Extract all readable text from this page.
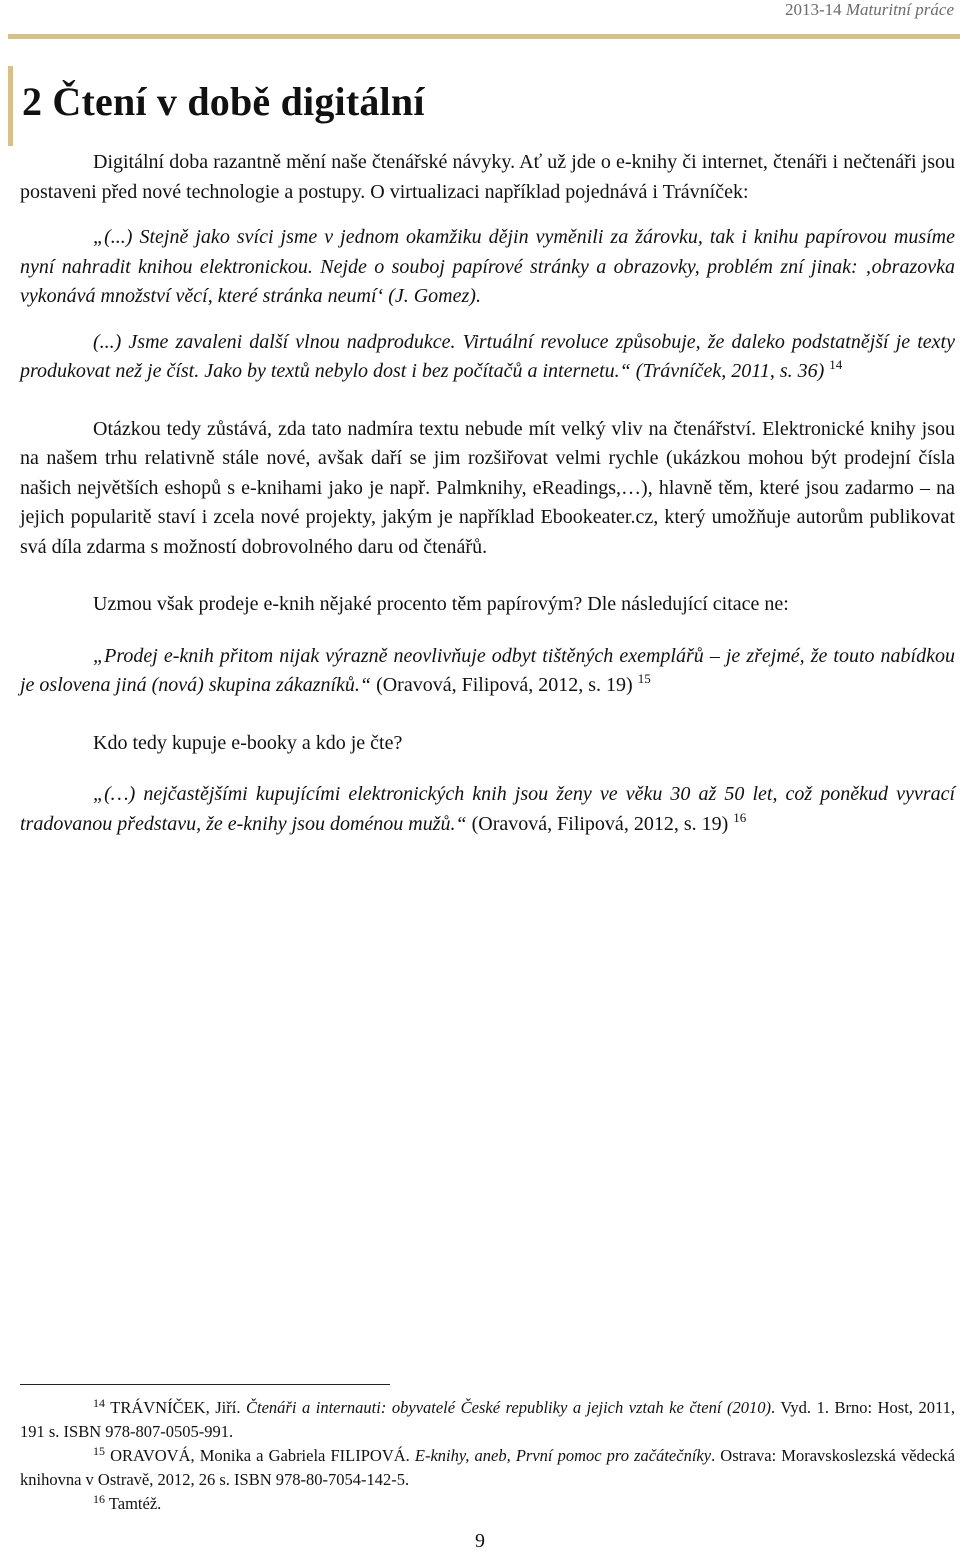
2013-14 Maturitní práce
2 Čtení v době digitální

Digitální doba razantně mění naše čtenářské návyky. Ať už jde o e-knihy či internet, čtenáři i nečtenáři jsou postaveni před nové technologie a postupy. O virtualizaci například pojednává i Trávníček:

„(...) Stejně jako svíci jsme v jednom okamžiku dějin vyměnili za žárovku, tak i knihu papírovou musíme nyní nahradit knihou elektronickou. Nejde o souboj papírové stránky a obrazovky, problém zní jinak: ‚obrazovka vykonává množství věcí, které stránka neumí‘ (J. Gomez).

(...) Jsme zavaleni další vlnou nadprodukce. Virtuální revoluce způsobuje, že daleko podstatnější je texty produkovat než je číst. Jako by textů nebylo dost i bez počítačů a internetu.“ (Trávníček, 2011, s. 36) $^{14}$

Otázkou tedy zůstává, zda tato nadmíra textu nebude mít velký vliv na čtenářství. Elektronické knihy jsou na našem trhu relativně stále nové, avšak daří se jim rozšiřovat velmi rychle (ukázkou mohou být prodejní čísla našich největších eshopů s e-knihami jako je např. Palmknihy, eReadings,…), hlavně těm, které jsou zadarmo – na jejich popularitě staví i zcela nové projekty, jakým je například Ebookeater.cz, který umožňuje autorům publikovat svá díla zdarma s možností dobrovolného daru od čtenářů.

Uzmou však prodeje e-knih nějaké procento těm papírovým? Dle následující citace ne:

„Prodej e-knih přitom nijak výrazně neovlivňuje odbyt tištěných exemplářů – je zřejmé, že touto nabídkou je oslovena jiná (nová) skupina zákazníků.“ (Oravová, Filipová, 2012, s. 19) $^{15}$

Kdo tedy kupuje e-booky a kdo je čte?

„(…) nejčastějšími kupujícími elektronických knih jsou ženy ve věku 30 až 50 let, což poněkud vyvrací tradovanou představu, že e-knihy jsou doménou mužů.“ (Oravová, Filipová, 2012, s. 19) $^{16}$

$^{14}$ TRÁVNÍČEK, Jiří. Čtenáři a internauti: obyvatelé České republiky a jejich vztah ke čtení (2010). Vyd. 1. Brno: Host, 2011, 191 s. ISBN 978-807-0505-991.

$^{15}$ ORAVOVÁ, Monika a Gabriela FILIPOVÁ. E-knihy, aneb, První pomoc pro začátečníky. Ostrava: Moravskoslezská vědecká knihovna v Ostravě, 2012, 26 s. ISBN 978-80-7054-142-5.

$^{16}$ Tamtéž.

9
